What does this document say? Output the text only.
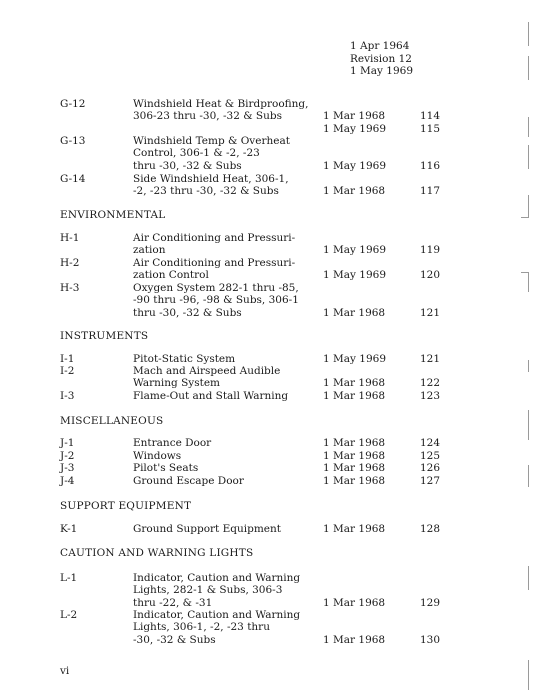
1 Apr 1964
Revision 12
1 May 1969
ENVIRONMENTAL
INSTRUMENTS
MISCELLANEOUS
SUPPORT EQUIPMENT
CAUTION AND WARNING LIGHTS
G-12	Windshield Heat & Birdproofing,
306-23 thru -30, -32 & Subs	1 Mar 1968	114
1 May 1969	115
G-13	Windshield Temp & Overheat
Control, 306-1 & -2, -23
thru -30, -32 & Subs	1 May 1969	116
G-14	Side Windshield Heat, 306-1,
-2, -23 thru -30, -32 & Subs	1 Mar 1968	117
H-1	Air Conditioning and Pressuri-
zation	1 May 1969	119
H-2	Air Conditioning and Pressuri-
zation Control	1 May 1969	120
H-3	Oxygen System 282-1 thru -85,
-90 thru -96, -98 & Subs, 306-1
thru -30, -32 & Subs	1 Mar 1968	121
I-1	Pitot-Static System	1 May 1969	121
I-2	Mach and Airspeed Audible
Warning System	1 Mar 1968	122
I-3	Flame-Out and Stall Warning	1 Mar 1968	123
J-1	Entrance Door	1 Mar 1968	124
J-2	Windows	1 Mar 1968	125
J-3	Pilot's Seats	1 Mar 1968	126
J-4	Ground Escape Door	1 Mar 1968	127
K-1	Ground Support Equipment	1 Mar 1968	128
L-1	Indicator, Caution and Warning
Lights, 282-1 & Subs, 306-3
thru -22, & -31	1 Mar 1968	129
L-2	Indicator, Caution and Warning
Lights, 306-1, -2, -23 thru
-30, -32 & Subs	1 Mar 1968	130
vi
